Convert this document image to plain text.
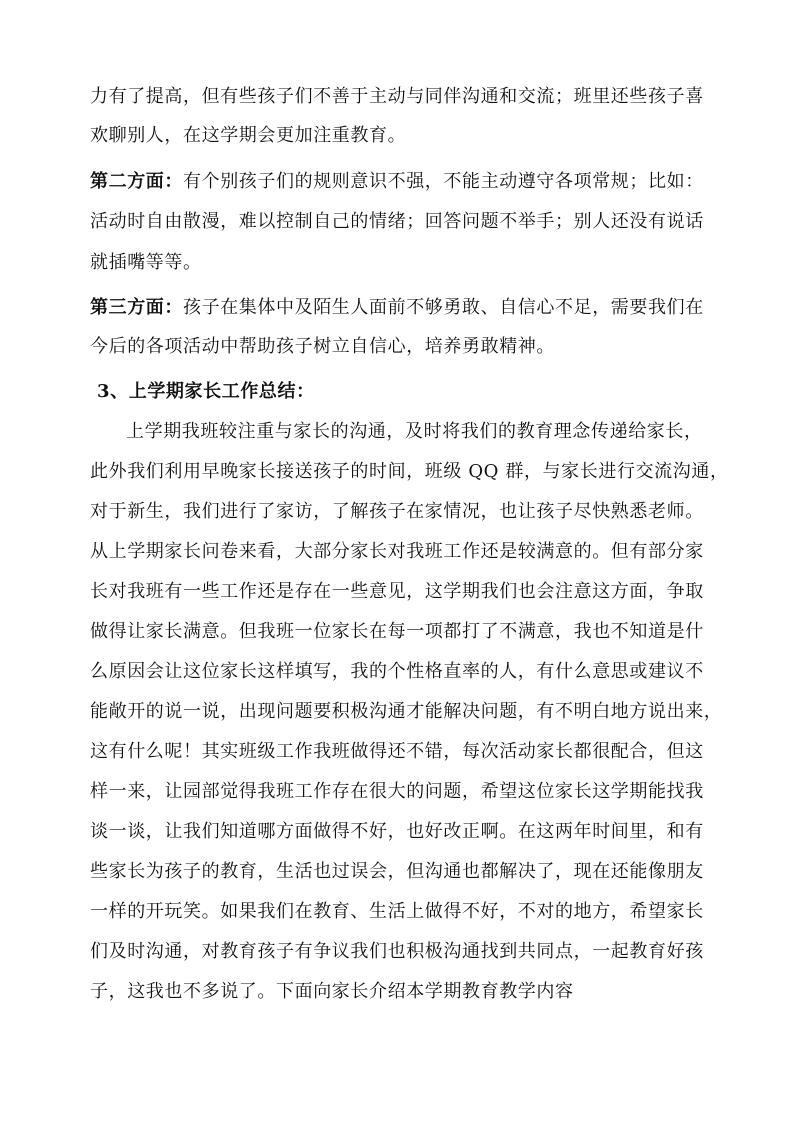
力有了提高，但有些孩子们不善于主动与同伴沟通和交流；班里还些孩子喜
欢聊别人，在这学期会更加注重教育。
第二方面：有个别孩子们的规则意识不强，不能主动遵守各项常规；比如：
活动时自由散漫，难以控制自己的情绪；回答问题不举手；别人还没有说话
就插嘴等等。
第三方面：孩子在集体中及陌生人面前不够勇敢、自信心不足，需要我们在
今后的各项活动中帮助孩子树立自信心，培养勇敢精神。
3、上学期家长工作总结：
上学期我班较注重与家长的沟通，及时将我们的教育理念传递给家长，
此外我们利用早晚家长接送孩子的时间，班级 QQ 群，与家长进行交流沟通，
对于新生，我们进行了家访，了解孩子在家情况，也让孩子尽快熟悉老师。
从上学期家长问卷来看，大部分家长对我班工作还是较满意的。但有部分家
长对我班有一些工作还是存在一些意见，这学期我们也会注意这方面，争取
做得让家长满意。但我班一位家长在每一项都打了不满意，我也不知道是什
么原因会让这位家长这样填写，我的个性格直率的人，有什么意思或建议不
能敞开的说一说，出现问题要积极沟通才能解决问题，有不明白地方说出来，
这有什么呢！其实班级工作我班做得还不错，每次活动家长都很配合，但这
样一来，让园部觉得我班工作存在很大的问题，希望这位家长这学期能找我
谈一谈，让我们知道哪方面做得不好，也好改正啊。在这两年时间里，和有
些家长为孩子的教育，生活也过误会，但沟通也都解决了，现在还能像朋友
一样的开玩笑。如果我们在教育、生活上做得不好，不对的地方，希望家长
们及时沟通，对教育孩子有争议我们也积极沟通找到共同点，一起教育好孩
子，这我也不多说了。下面向家长介绍本学期教育教学内容
